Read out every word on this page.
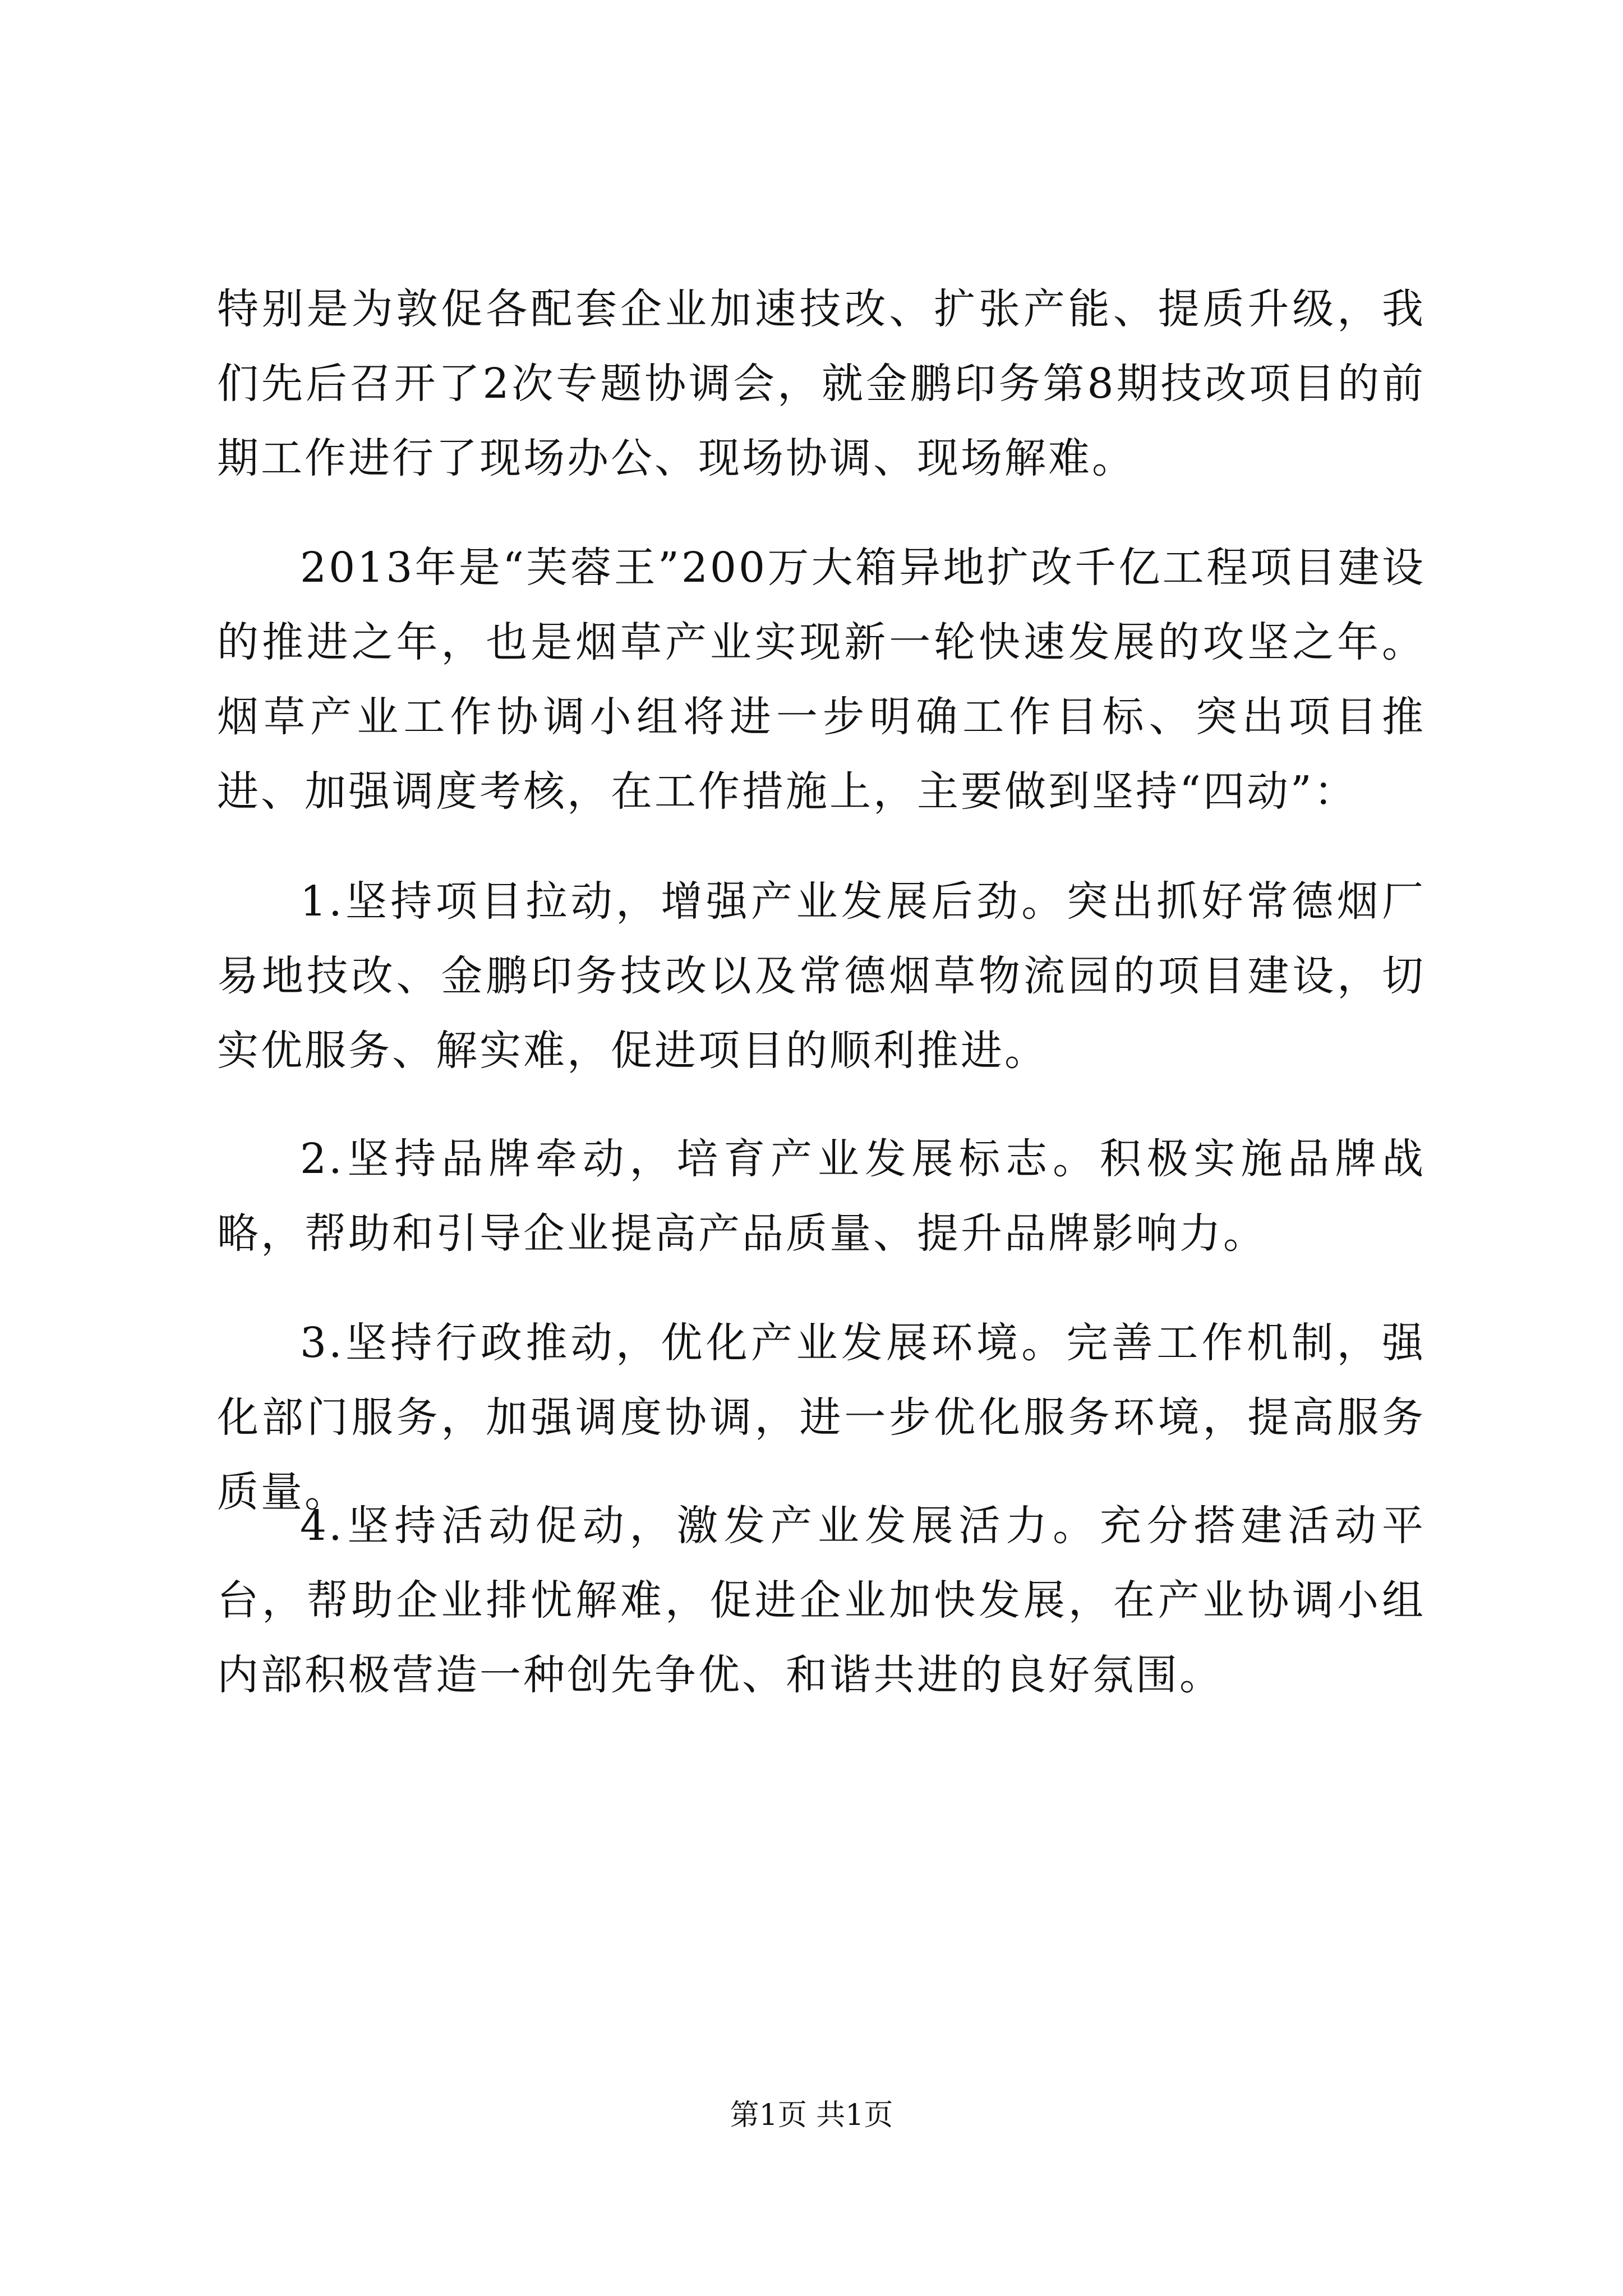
特别是为敦促各配套企业加速技改、扩张产能、提质升级，我们先后召开了2次专题协调会，就金鹏印务第8期技改项目的前期工作进行了现场办公、现场协调、现场解难。

2013年是“芙蓉王”200万大箱异地扩改千亿工程项目建设的推进之年，也是烟草产业实现新一轮快速发展的攻坚之年。烟草产业工作协调小组将进一步明确工作目标、突出项目推进、加强调度考核，在工作措施上，主要做到坚持“四动”：

1.坚持项目拉动，增强产业发展后劲。突出抓好常德烟厂易地技改、金鹏印务技改以及常德烟草物流园的项目建设，切实优服务、解实难，促进项目的顺利推进。

2.坚持品牌牵动，培育产业发展标志。积极实施品牌战略，帮助和引导企业提高产品质量、提升品牌影响力。

3.坚持行政推动，优化产业发展环境。完善工作机制，强化部门服务，加强调度协调，进一步优化服务环境，提高服务质量。

4.坚持活动促动，激发产业发展活力。充分搭建活动平台，帮助企业排忧解难，促进企业加快发展，在产业协调小组内部积极营造一种创先争优、和谐共进的良好氛围。

第1页 共1页
